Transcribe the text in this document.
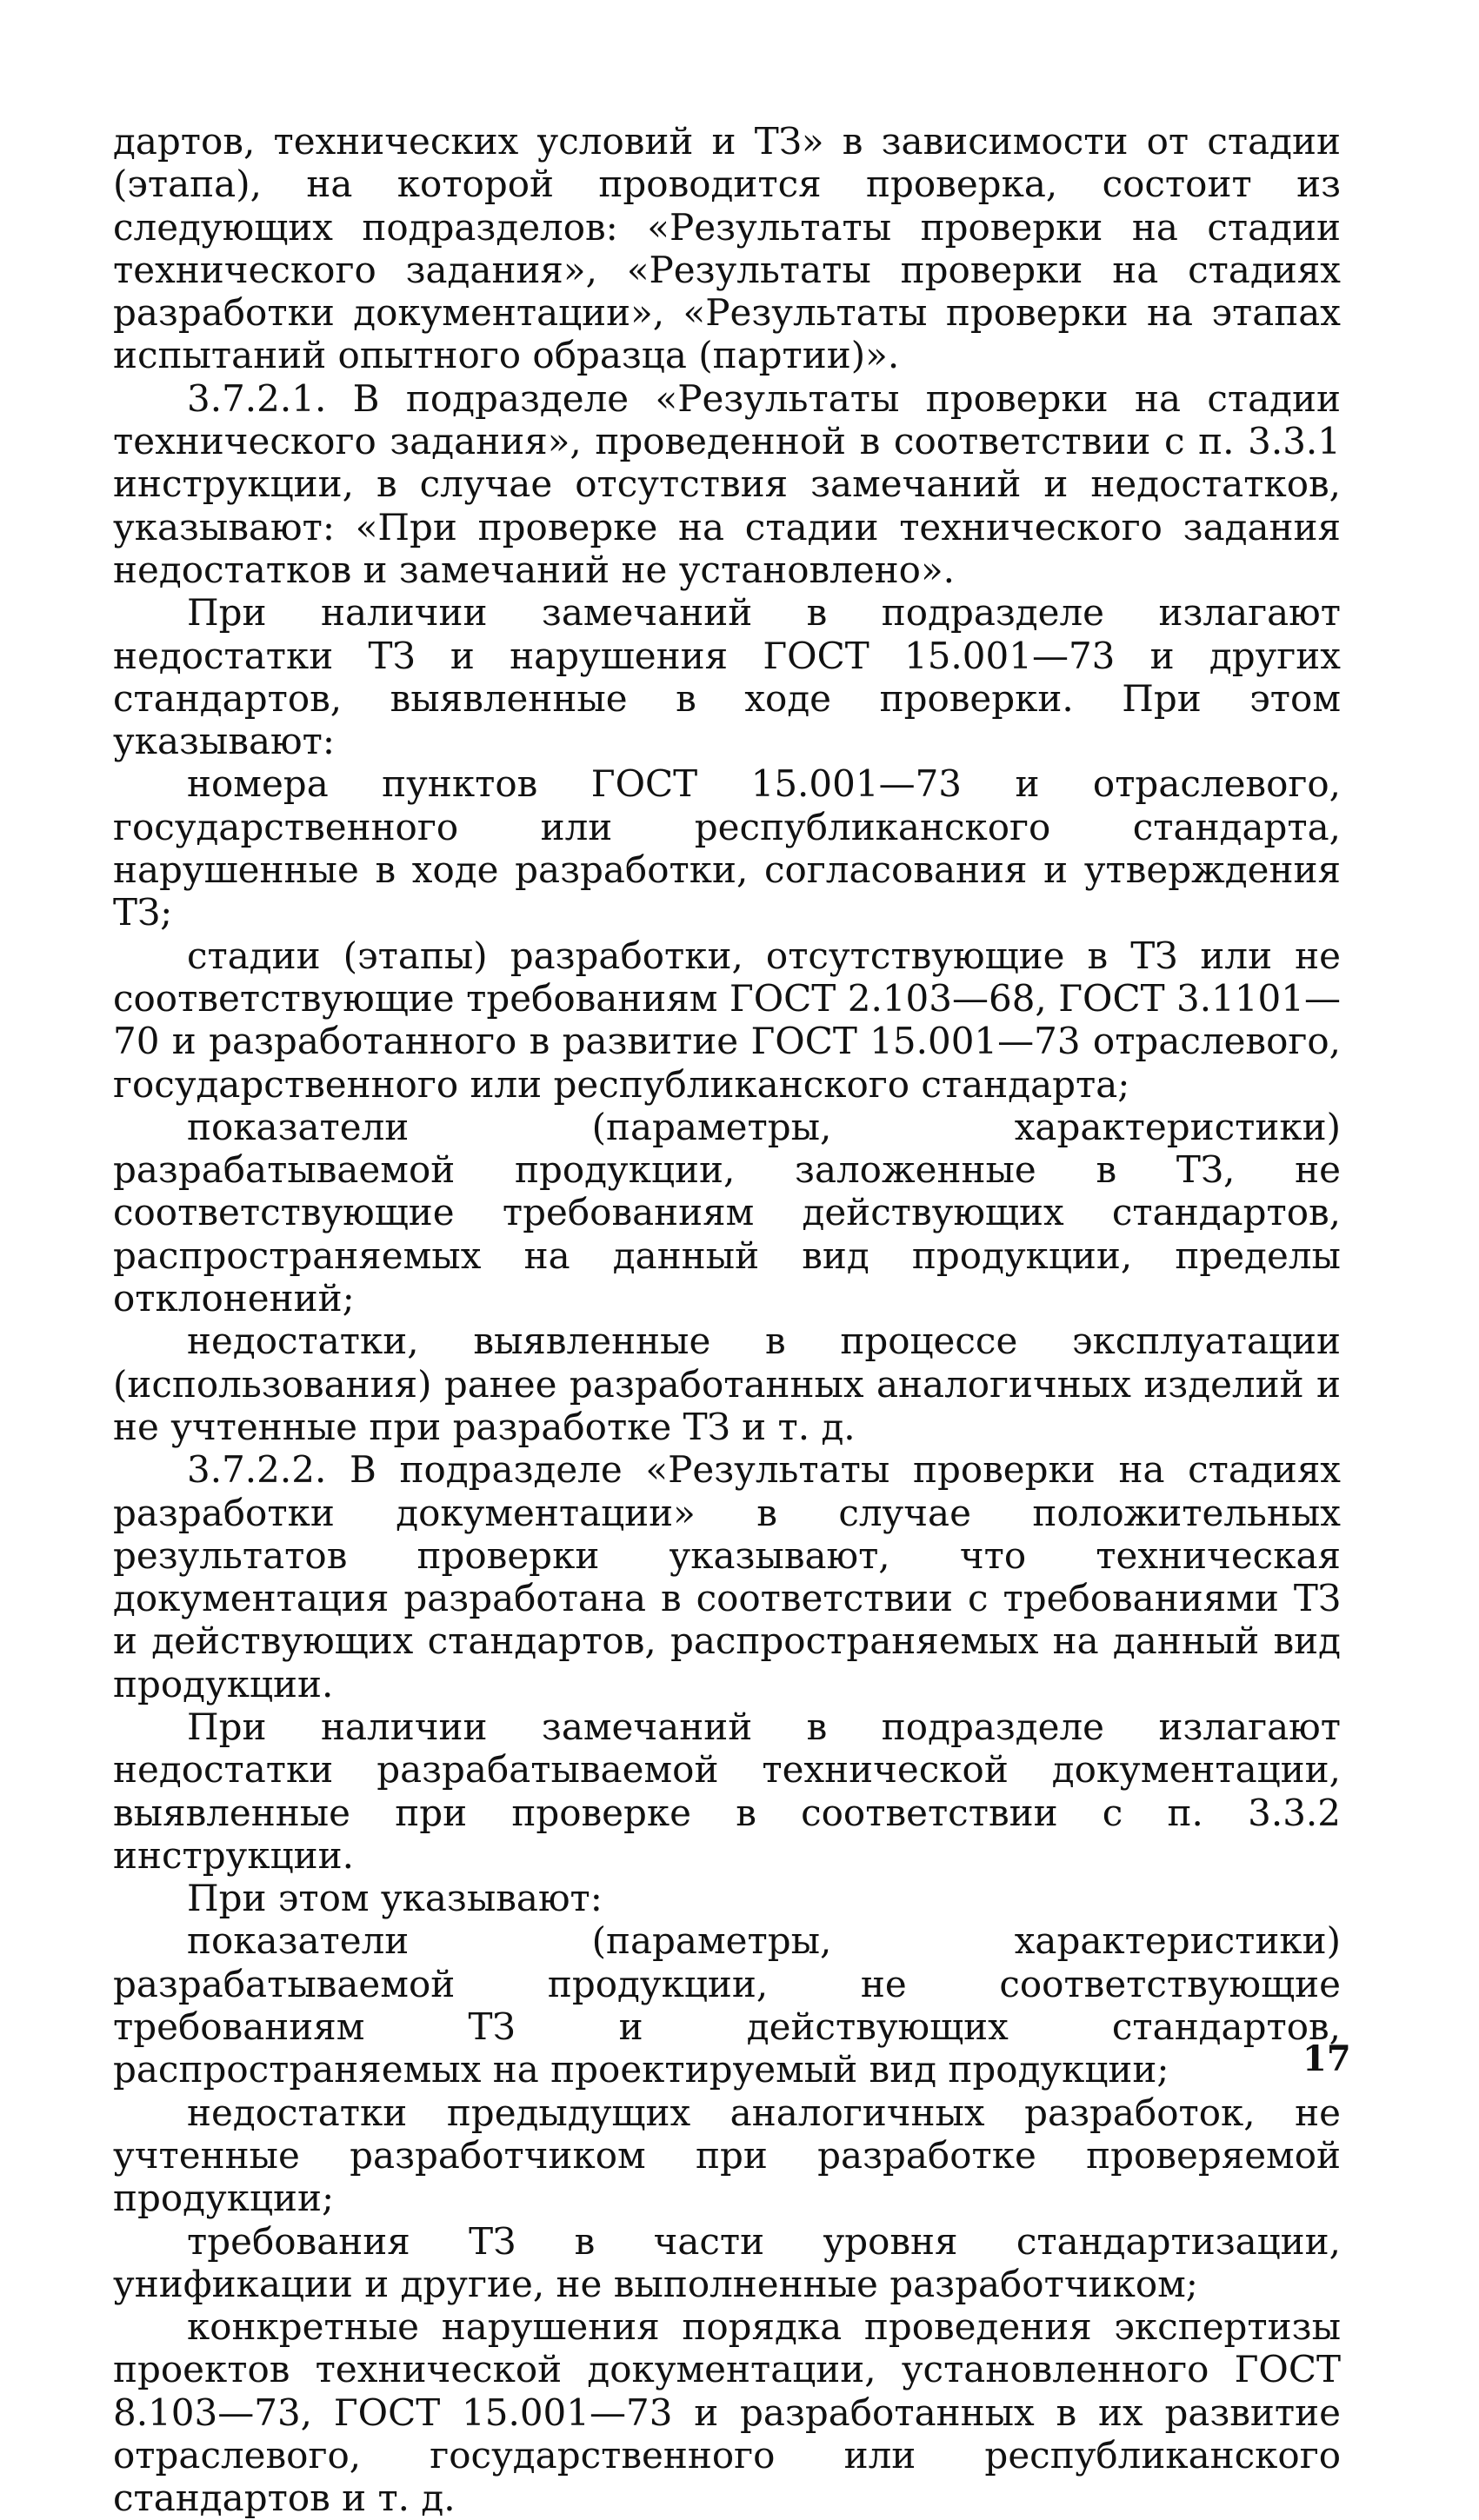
дартов, технических условий и ТЗ» в зависимости от стадии (этапа), на которой проводится проверка, состоит из следующих подразделов: «Результаты проверки на стадии технического задания», «Результаты проверки на стадиях разработки документации», «Результаты проверки на этапах испытаний опытного образца (партии)».

3.7.2.1. В подразделе «Результаты проверки на стадии технического задания», проведенной в соответствии с п. 3.3.1 инструкции, в случае отсутствия замечаний и недостатков, указывают: «При проверке на стадии технического задания недостатков и замечаний не установлено».

При наличии замечаний в подразделе излагают недостатки ТЗ и нарушения ГОСТ 15.001—73 и других стандартов, выявленные в ходе проверки. При этом указывают:

номера пунктов ГОСТ 15.001—73 и отраслевого, государственного или республиканского стандарта, нарушенные в ходе разработки, согласования и утверждения ТЗ;

стадии (этапы) разработки, отсутствующие в ТЗ или не соответствующие требованиям ГОСТ 2.103—68, ГОСТ 3.1101—70 и разработанного в развитие ГОСТ 15.001—73 отраслевого, государственного или республиканского стандарта;

показатели (параметры, характеристики) разрабатываемой продукции, заложенные в ТЗ, не соответствующие требованиям действующих стандартов, распространяемых на данный вид продукции, пределы отклонений;

недостатки, выявленные в процессе эксплуатации (использования) ранее разработанных аналогичных изделий и не учтенные при разработке ТЗ и т. д.

3.7.2.2. В подразделе «Результаты проверки на стадиях разработки документации» в случае положительных результатов проверки указывают, что техническая документация разработана в соответствии с требованиями ТЗ и действующих стандартов, распространяемых на данный вид продукции.

При наличии замечаний в подразделе излагают недостатки разрабатываемой технической документации, выявленные при проверке в соответствии с п. 3.3.2 инструкции.

При этом указывают:

показатели (параметры, характеристики) разрабатываемой продукции, не соответствующие требованиям ТЗ и действующих стандартов, распространяемых на проектируемый вид продукции;

недостатки предыдущих аналогичных разработок, не учтенные разработчиком при разработке проверяемой продукции;

требования ТЗ в части уровня стандартизации, унификации и другие, не выполненные разработчиком;

конкретные нарушения порядка проведения экспертизы проектов технической документации, установленного ГОСТ 8.103—73, ГОСТ 15.001—73 и разработанных в их развитие отраслевого, государственного или республиканского стандартов и т. д.

17
